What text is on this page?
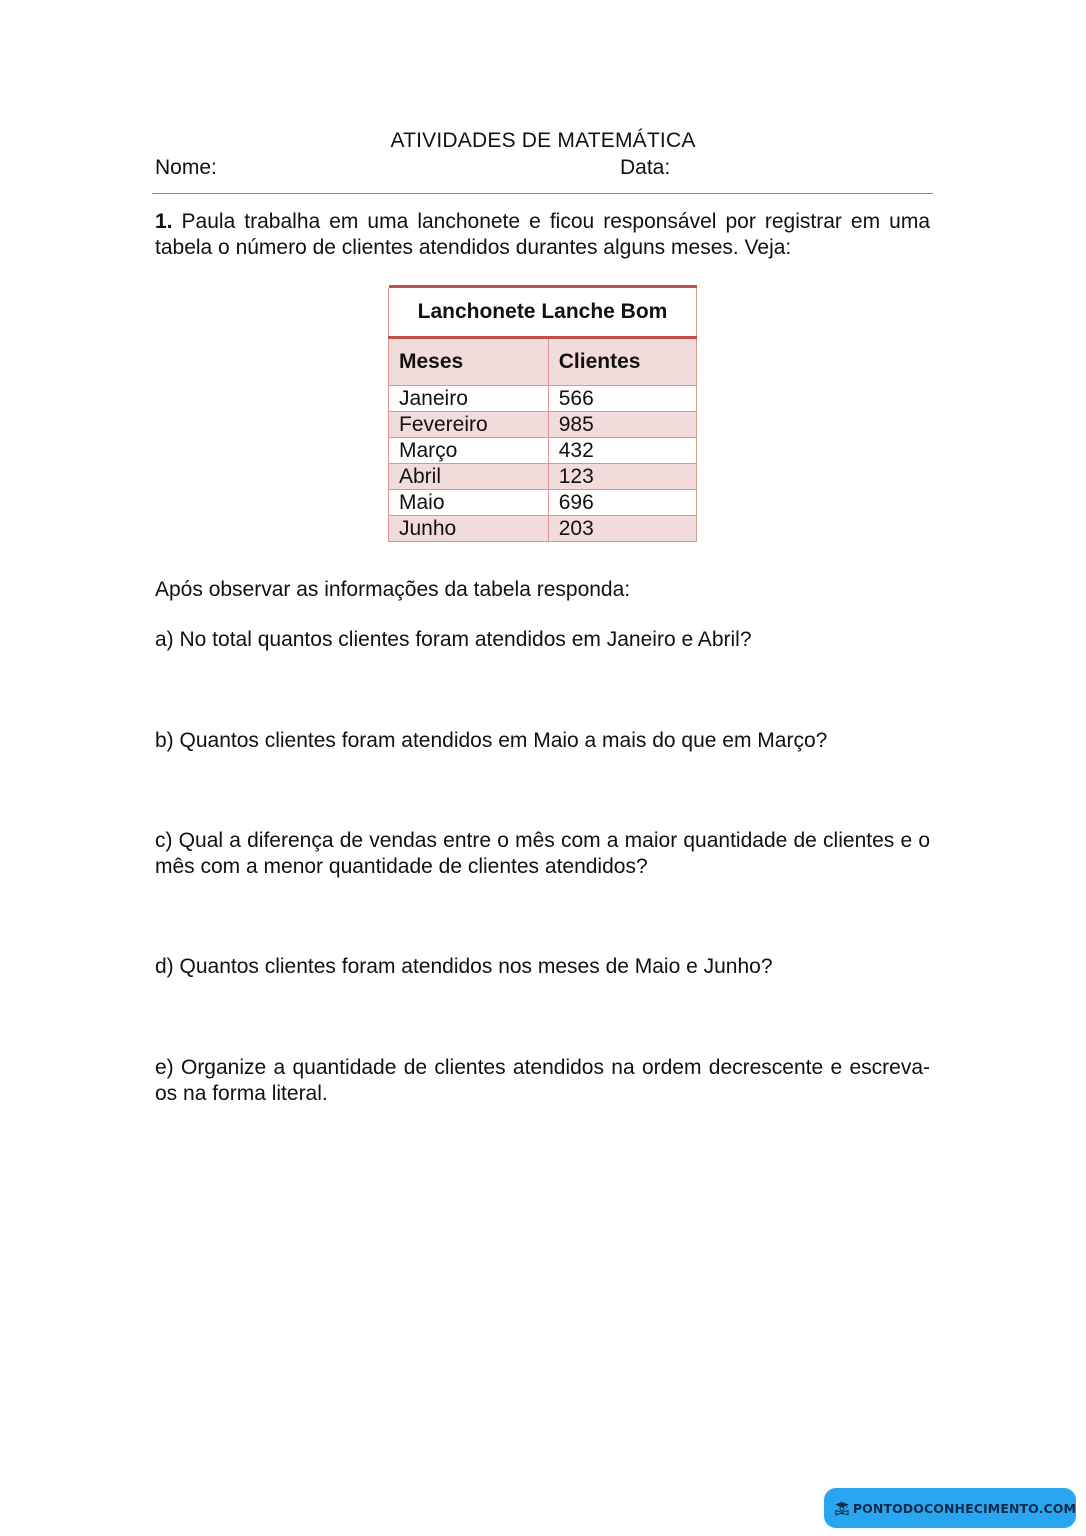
ATIVIDADES DE MATEMÁTICA
Nome:	Data:
1. Paula trabalha em uma lanchonete e ficou responsável por registrar em uma tabela o número de clientes atendidos durantes alguns meses. Veja:

Lanchonete Lanche Bom	
Meses	Clientes
Janeiro	566
Fevereiro	985
Março	432
Abril	123
Maio	696
Junho	203
Após observar as informações da tabela responda:
a) No total quantos clientes foram atendidos em Janeiro e Abril?
b) Quantos clientes foram atendidos em Maio a mais do que em Março?
c) Qual a diferença de vendas entre o mês com a maior quantidade de clientes e o mês com a menor quantidade de clientes atendidos?
d) Quantos clientes foram atendidos nos meses de Maio e Junho?
e) Organize a quantidade de clientes atendidos na ordem decrescente e escreva-os na forma literal.
PONTODOCONHECIMENTO.COM
